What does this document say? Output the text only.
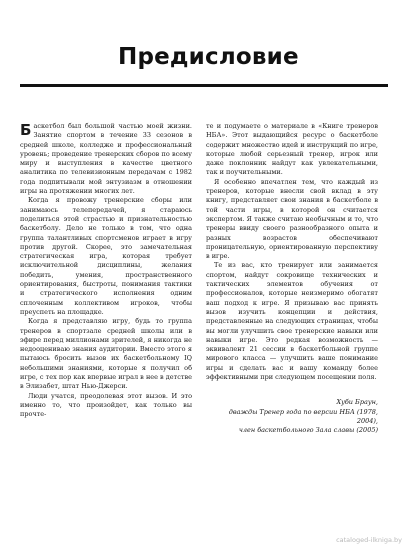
Предисловие

Баскетбол был большой частью моей жизни. Занятие спортом в течение 33 сезонов в средней школе, колледже и профессиональный уровень; проведение тренерских сборов по всему миру и выступления в качестве цветного аналитика по телевизионным передачам с 1982 года подпитывали мой энтузиазм в отношении игры на протяжении многих лет.

Когда я провожу тренерские сборы или занимаюсь телепередачей, я стараюсь поделиться этой страстью и признательностью баскетболу. Дело не только в том, что одна группа талантливых спортсменов играет в игру против другой. Скорее, это замечательная стратегическая игра, которая требует исключительной дисциплины, желания победить, умения, пространственного ориентирования, быстроты, понимания тактики и стратегического исполнения одним сплоченным коллективом игроков, чтобы преуспеть на площадке.

Когда я представляю игру, будь то группа тренеров в спортзале средней школы или в эфире перед миллионами зрителей, я никогда не недооцениваю знания аудитории. Вместо этого я пытаюсь бросить вызов их баскетбольному IQ небольшими знаниями, которые я получил об игре, с тех пор как впервые играл в нее в детстве в Элизабет, штат Нью-Джерси.

Люди учатся, преодолевая этот вызов. И это именно то, что произойдет, как только вы прочте-

те и подумаете о материале в «Книге тренеров НБА». Этот выдающийся ресурс о баскетболе содержит множество идей и инструкций по игре, которые любой серьезный тренер, игрок или даже поклонник найдут как увлекательными, так и поучительными.

Я особенно впечатлен тем, что каждый из тренеров, которые внесли свой вклад в эту книгу, представляет свои знания в баскетболе в той части игры, в которой он считается экспертом. Я также считаю необычным и то, что тренеры ввиду своего разнообразного опыта и разных возрастов обеспечивают проницательную, ориентированную перспективу в игре.

Те из вас, кто тренирует или занимается спортом, найдут сокровище технических и тактических элементов обучения от профессионалов, которые неизмеримо обогатят ваш подход к игре. Я призываю вас принять вызов изучить концепции и действия, представленные на следующих страницах, чтобы вы могли улучшить свое тренерские навыки или навыки игре. Это редкая возможность — эквивалент 21 сессии в баскетбольной группе мирового класса — улучшить ваше понимание игры и сделать вас и вашу команду более эффективными при следующем посещении поля.

Хуби Браун,
дважды Тренер года по версии НБА (1978, 2004),
член баскетбольного Зала славы (2005)
cataloged-ilkniga.by
